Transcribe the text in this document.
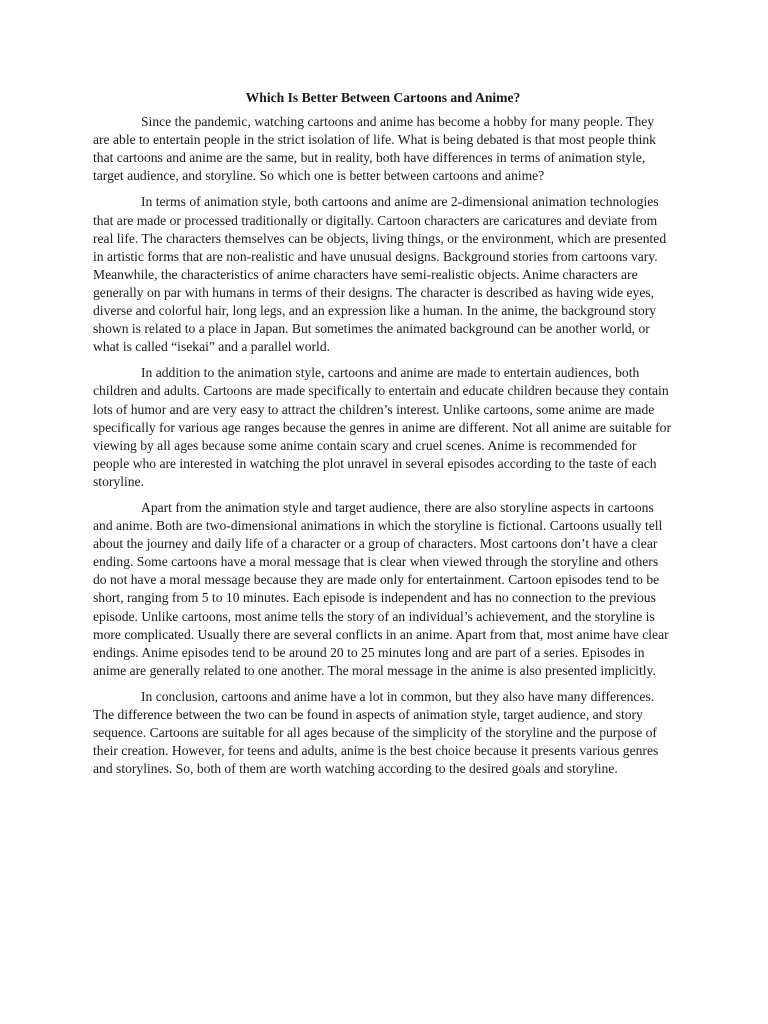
Which Is Better Between Cartoons and Anime?

Since the pandemic, watching cartoons and anime has become a hobby for many people. They are able to entertain people in the strict isolation of life. What is being debated is that most people think that cartoons and anime are the same, but in reality, both have differences in terms of animation style, target audience, and storyline. So which one is better between cartoons and anime?

In terms of animation style, both cartoons and anime are 2-dimensional animation technologies that are made or processed traditionally or digitally. Cartoon characters are caricatures and deviate from real life. The characters themselves can be objects, living things, or the environment, which are presented in artistic forms that are non-realistic and have unusual designs. Background stories from cartoons vary. Meanwhile, the characteristics of anime characters have semi-realistic objects. Anime characters are generally on par with humans in terms of their designs. The character is described as having wide eyes, diverse and colorful hair, long legs, and an expression like a human. In the anime, the background story shown is related to a place in Japan. But sometimes the animated background can be another world, or what is called “isekai” and a parallel world.

In addition to the animation style, cartoons and anime are made to entertain audiences, both children and adults. Cartoons are made specifically to entertain and educate children because they contain lots of humor and are very easy to attract the children’s interest. Unlike cartoons, some anime are made specifically for various age ranges because the genres in anime are different. Not all anime are suitable for viewing by all ages because some anime contain scary and cruel scenes. Anime is recommended for people who are interested in watching the plot unravel in several episodes according to the taste of each storyline.

Apart from the animation style and target audience, there are also storyline aspects in cartoons and anime. Both are two-dimensional animations in which the storyline is fictional. Cartoons usually tell about the journey and daily life of a character or a group of characters. Most cartoons don’t have a clear ending. Some cartoons have a moral message that is clear when viewed through the storyline and others do not have a moral message because they are made only for entertainment. Cartoon episodes tend to be short, ranging from 5 to 10 minutes. Each episode is independent and has no connection to the previous episode. Unlike cartoons, most anime tells the story of an individual’s achievement, and the storyline is more complicated. Usually there are several conflicts in an anime. Apart from that, most anime have clear endings. Anime episodes tend to be around 20 to 25 minutes long and are part of a series. Episodes in anime are generally related to one another. The moral message in the anime is also presented implicitly.

In conclusion, cartoons and anime have a lot in common, but they also have many differences. The difference between the two can be found in aspects of animation style, target audience, and story sequence. Cartoons are suitable for all ages because of the simplicity of the storyline and the purpose of their creation. However, for teens and adults, anime is the best choice because it presents various genres and storylines. So, both of them are worth watching according to the desired goals and storyline.
